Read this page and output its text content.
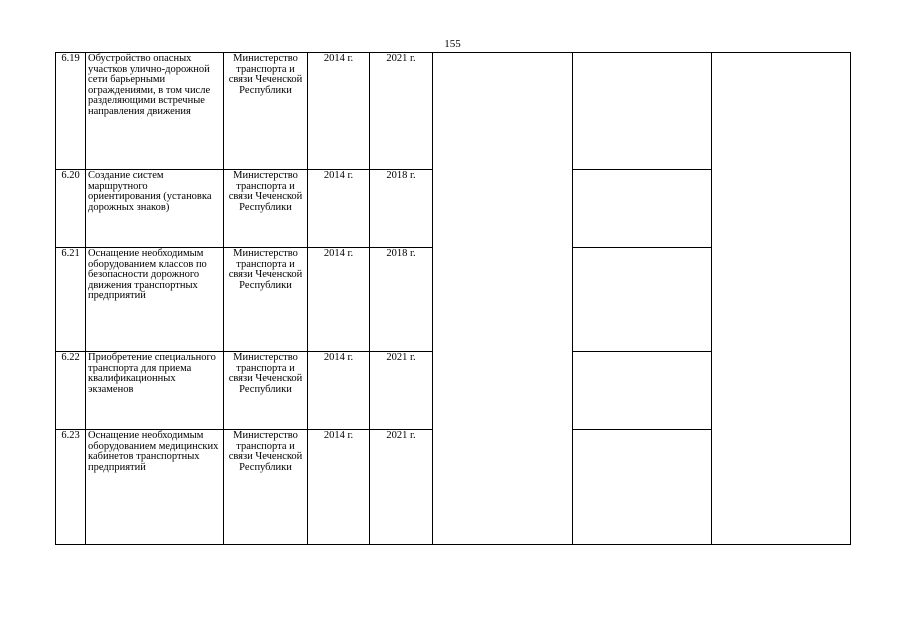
155
6.19	Обустройство опасных участков улично-дорожной сети барьерными ограждениями, в том числе разделяющими встречные направления движения	Министерство транспорта и связи Чеченской Республики	2014 г.	2021 г.			
6.20	Создание систем маршрутного ориентирования (установка дорожных знаков)	Министерство транспорта и связи Чеченской Республики	2014 г.	2018 г.			
6.21	Оснащение необходимым оборудованием классов по безопасности дорожного движения транспортных предприятий	Министерство транспорта и связи Чеченской Республики	2014 г.	2018 г.			
6.22	Приобретение специального транспорта для приема квалификационных экзаменов	Министерство транспорта и связи Чеченской Республики	2014 г.	2021 г.			
6.23	Оснащение необходимым оборудованием медицинских кабинетов транспортных предприятий	Министерство транспорта и связи Чеченской Республики	2014 г.	2021 г.			
